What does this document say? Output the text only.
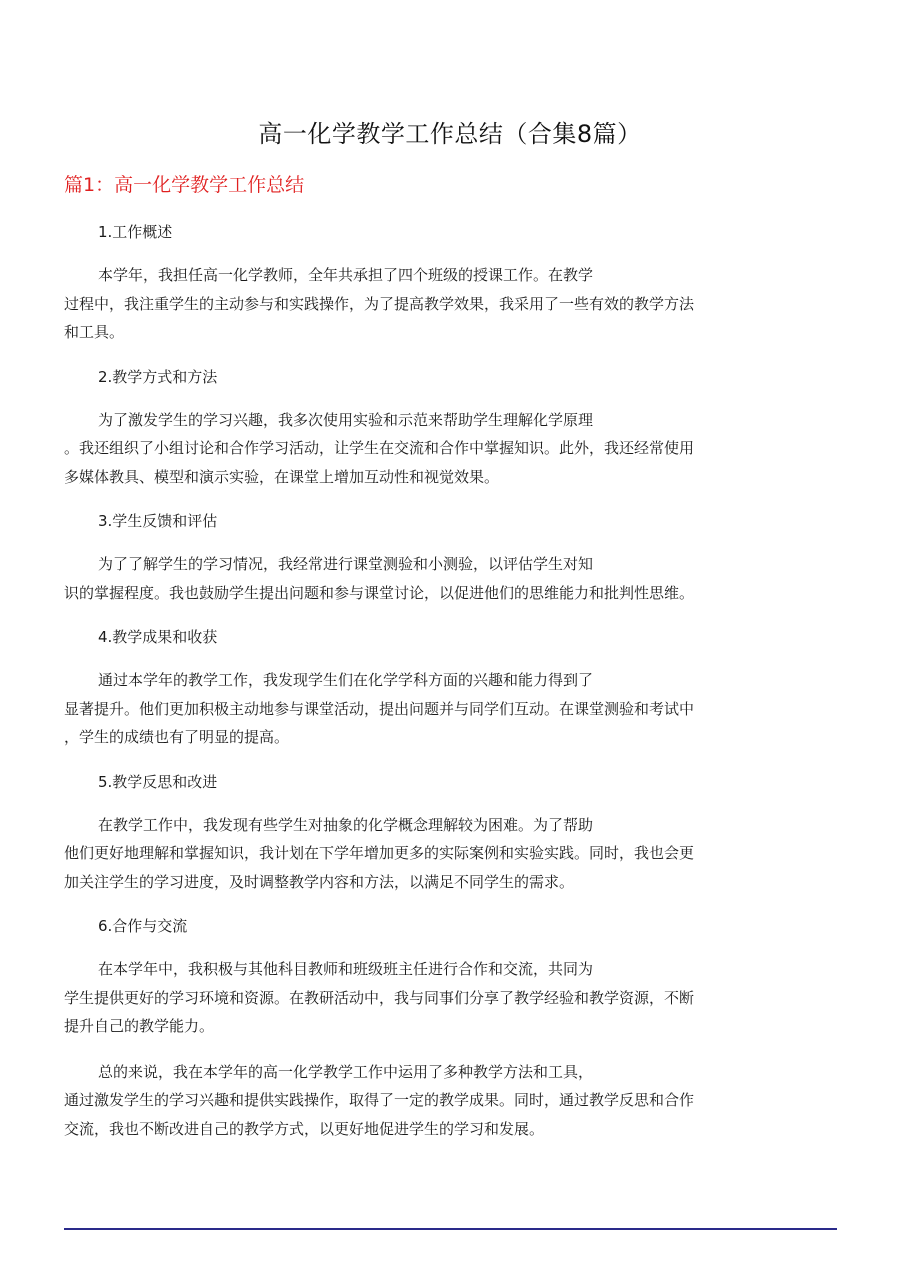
高一化学教学工作总结（合集8篇）
篇1：高一化学教学工作总结
1.工作概述
本学年，我担任高一化学教师，全年共承担了四个班级的授课工作。在教学
过程中，我注重学生的主动参与和实践操作，为了提高教学效果，我采用了一些有效的教学方法
和工具。
2.教学方式和方法
为了激发学生的学习兴趣，我多次使用实验和示范来帮助学生理解化学原理
。我还组织了小组讨论和合作学习活动，让学生在交流和合作中掌握知识。此外，我还经常使用
多媒体教具、模型和演示实验，在课堂上增加互动性和视觉效果。
3.学生反馈和评估
为了了解学生的学习情况，我经常进行课堂测验和小测验，以评估学生对知
识的掌握程度。我也鼓励学生提出问题和参与课堂讨论，以促进他们的思维能力和批判性思维。
4.教学成果和收获
通过本学年的教学工作，我发现学生们在化学学科方面的兴趣和能力得到了
显著提升。他们更加积极主动地参与课堂活动，提出问题并与同学们互动。在课堂测验和考试中
，学生的成绩也有了明显的提高。
5.教学反思和改进
在教学工作中，我发现有些学生对抽象的化学概念理解较为困难。为了帮助
他们更好地理解和掌握知识，我计划在下学年增加更多的实际案例和实验实践。同时，我也会更
加关注学生的学习进度，及时调整教学内容和方法，以满足不同学生的需求。
6.合作与交流
在本学年中，我积极与其他科目教师和班级班主任进行合作和交流，共同为
学生提供更好的学习环境和资源。在教研活动中，我与同事们分享了教学经验和教学资源，不断
提升自己的教学能力。
总的来说，我在本学年的高一化学教学工作中运用了多种教学方法和工具，
通过激发学生的学习兴趣和提供实践操作，取得了一定的教学成果。同时，通过教学反思和合作
交流，我也不断改进自己的教学方式，以更好地促进学生的学习和发展。
